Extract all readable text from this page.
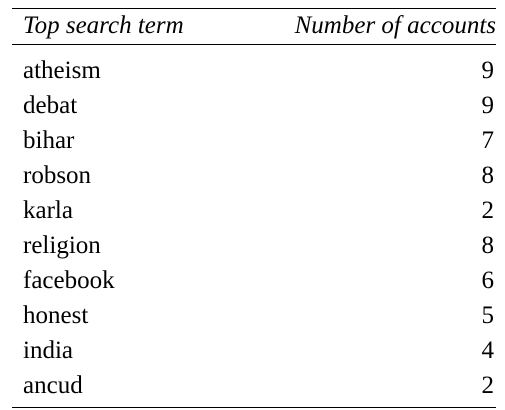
Top search term	Number of accounts
atheism	9
debat	9
bihar	7
robson	8
karla	2
religion	8
facebook	6
honest	5
india	4
ancud	2
